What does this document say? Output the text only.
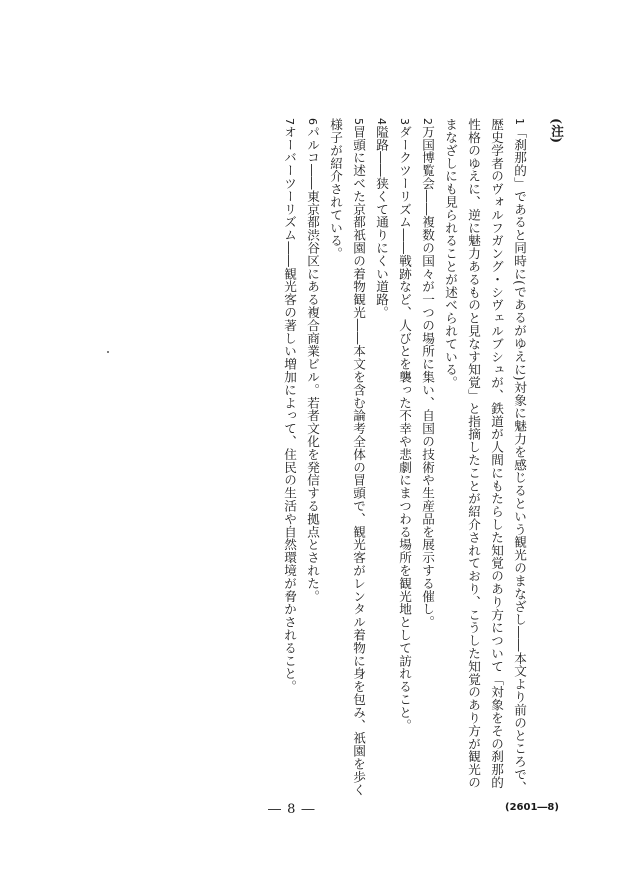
(注)
1「刹那的」であると同時に(であるがゆえに)対象に魅力を感じるという観光のまなざし――本文より前のところで、歴史学者のヴォルフガング・シヴェルブシュが、鉄道が人間にもたらした知覚のあり方について「対象をその刹那的性格のゆえに、逆に魅力あるものと見なす知覚」と指摘したことが紹介されており、こうした知覚のあり方が観光のまなざしにも見られることが述べられている。
2万国博覧会――複数の国々が一つの場所に集い、自国の技術や生産品を展示する催し。
3ダークツーリズム――戦跡など、人びとを襲った不幸や悲劇にまつわる場所を観光地として訪れること。
4隘路――狭くて通りにくい道路。
5冒頭に述べた京都祇園の着物観光――本文を含む論考全体の冒頭で、観光客がレンタル着物に身を包み、祇園を歩く様子が紹介されている。
6パルコ――東京都渋谷区にある複合商業ビル。若者文化を発信する拠点とされた。
7オーバーツーリズム――観光客の著しい増加によって、住民の生活や自然環境が脅かされること。
― 8 ―	(2601―8)
